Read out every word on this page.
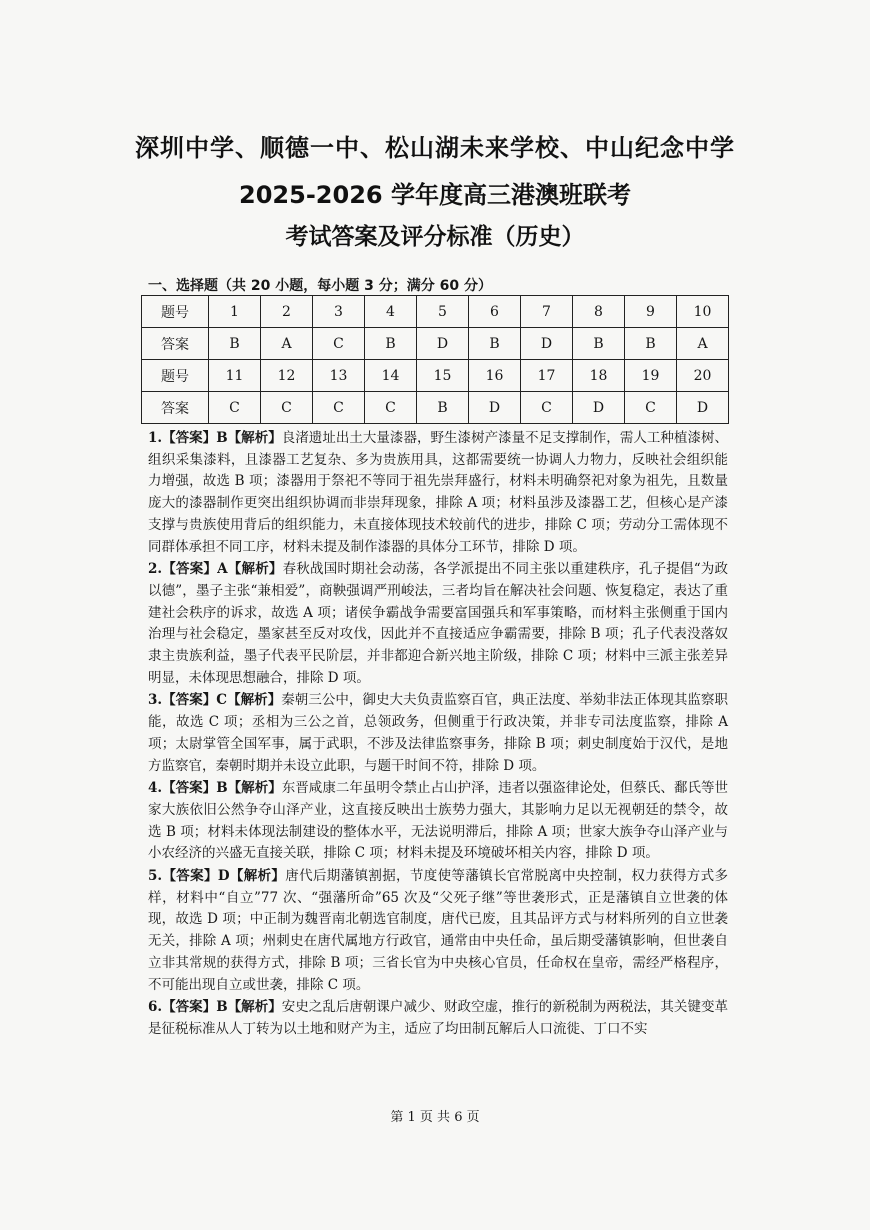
深圳中学、顺德一中、松山湖未来学校、中山纪念中学
2025-2026 学年度高三港澳班联考
考试答案及评分标准（历史）
一、选择题（共 20 小题，每小题 3 分；满分 60 分）
题号	1	2	3	4	5	6	7	8	9	10
答案	B	A	C	B	D	B	D	B	B	A
题号	11	12	13	14	15	16	17	18	19	20
答案	C	C	C	C	B	D	C	D	C	D
1.【答案】B【解析】良渚遗址出土大量漆器，野生漆树产漆量不足支撑制作，需人工种植漆树、组织采集漆料，且漆器工艺复杂、多为贵族用具，这都需要统一协调人力物力，反映社会组织能力增强，故选 B 项；漆器用于祭祀不等同于祖先崇拜盛行，材料未明确祭祀对象为祖先，且数量庞大的漆器制作更突出组织协调而非崇拜现象，排除 A 项；材料虽涉及漆器工艺，但核心是产漆支撑与贵族使用背后的组织能力，未直接体现技术较前代的进步，排除 C 项；劳动分工需体现不同群体承担不同工序，材料未提及制作漆器的具体分工环节，排除 D 项。
2.【答案】A【解析】春秋战国时期社会动荡，各学派提出不同主张以重建秩序，孔子提倡“为政以德”，墨子主张“兼相爱”，商鞅强调严刑峻法，三者均旨在解决社会问题、恢复稳定，表达了重建社会秩序的诉求，故选 A 项；诸侯争霸战争需要富国强兵和军事策略，而材料主张侧重于国内治理与社会稳定，墨家甚至反对攻伐，因此并不直接适应争霸需要，排除 B 项；孔子代表没落奴隶主贵族利益，墨子代表平民阶层，并非都迎合新兴地主阶级，排除 C 项；材料中三派主张差异明显，未体现思想融合，排除 D 项。
3.【答案】C【解析】秦朝三公中，御史大夫负责监察百官，典正法度、举劾非法正体现其监察职能，故选 C 项；丞相为三公之首，总领政务，但侧重于行政决策，并非专司法度监察，排除 A 项；太尉掌管全国军事，属于武职，不涉及法律监察事务，排除 B 项；刺史制度始于汉代，是地方监察官，秦朝时期并未设立此职，与题干时间不符，排除 D 项。
4.【答案】B【解析】东晋咸康二年虽明令禁止占山护泽，违者以强盗律论处，但蔡氏、鄱氏等世家大族依旧公然争夺山泽产业，这直接反映出士族势力强大，其影响力足以无视朝廷的禁令，故选 B 项；材料未体现法制建设的整体水平，无法说明滞后，排除 A 项；世家大族争夺山泽产业与小农经济的兴盛无直接关联，排除 C 项；材料未提及环境破坏相关内容，排除 D 项。
5.【答案】D【解析】唐代后期藩镇割据，节度使等藩镇长官常脱离中央控制，权力获得方式多样，材料中“自立”77 次、“强藩所命”65 次及“父死子继”等世袭形式，正是藩镇自立世袭的体现，故选 D 项；中正制为魏晋南北朝选官制度，唐代已废，且其品评方式与材料所列的自立世袭无关，排除 A 项；州刺史在唐代属地方行政官，通常由中央任命，虽后期受藩镇影响，但世袭自立非其常规的获得方式，排除 B 项；三省长官为中央核心官员，任命权在皇帝，需经严格程序，不可能出现自立或世袭，排除 C 项。
6.【答案】B【解析】安史之乱后唐朝课户减少、财政空虚，推行的新税制为两税法，其关键变革是征税标准从人丁转为以土地和财产为主，适应了均田制瓦解后人口流徙、丁口不实
第 1 页 共 6 页
